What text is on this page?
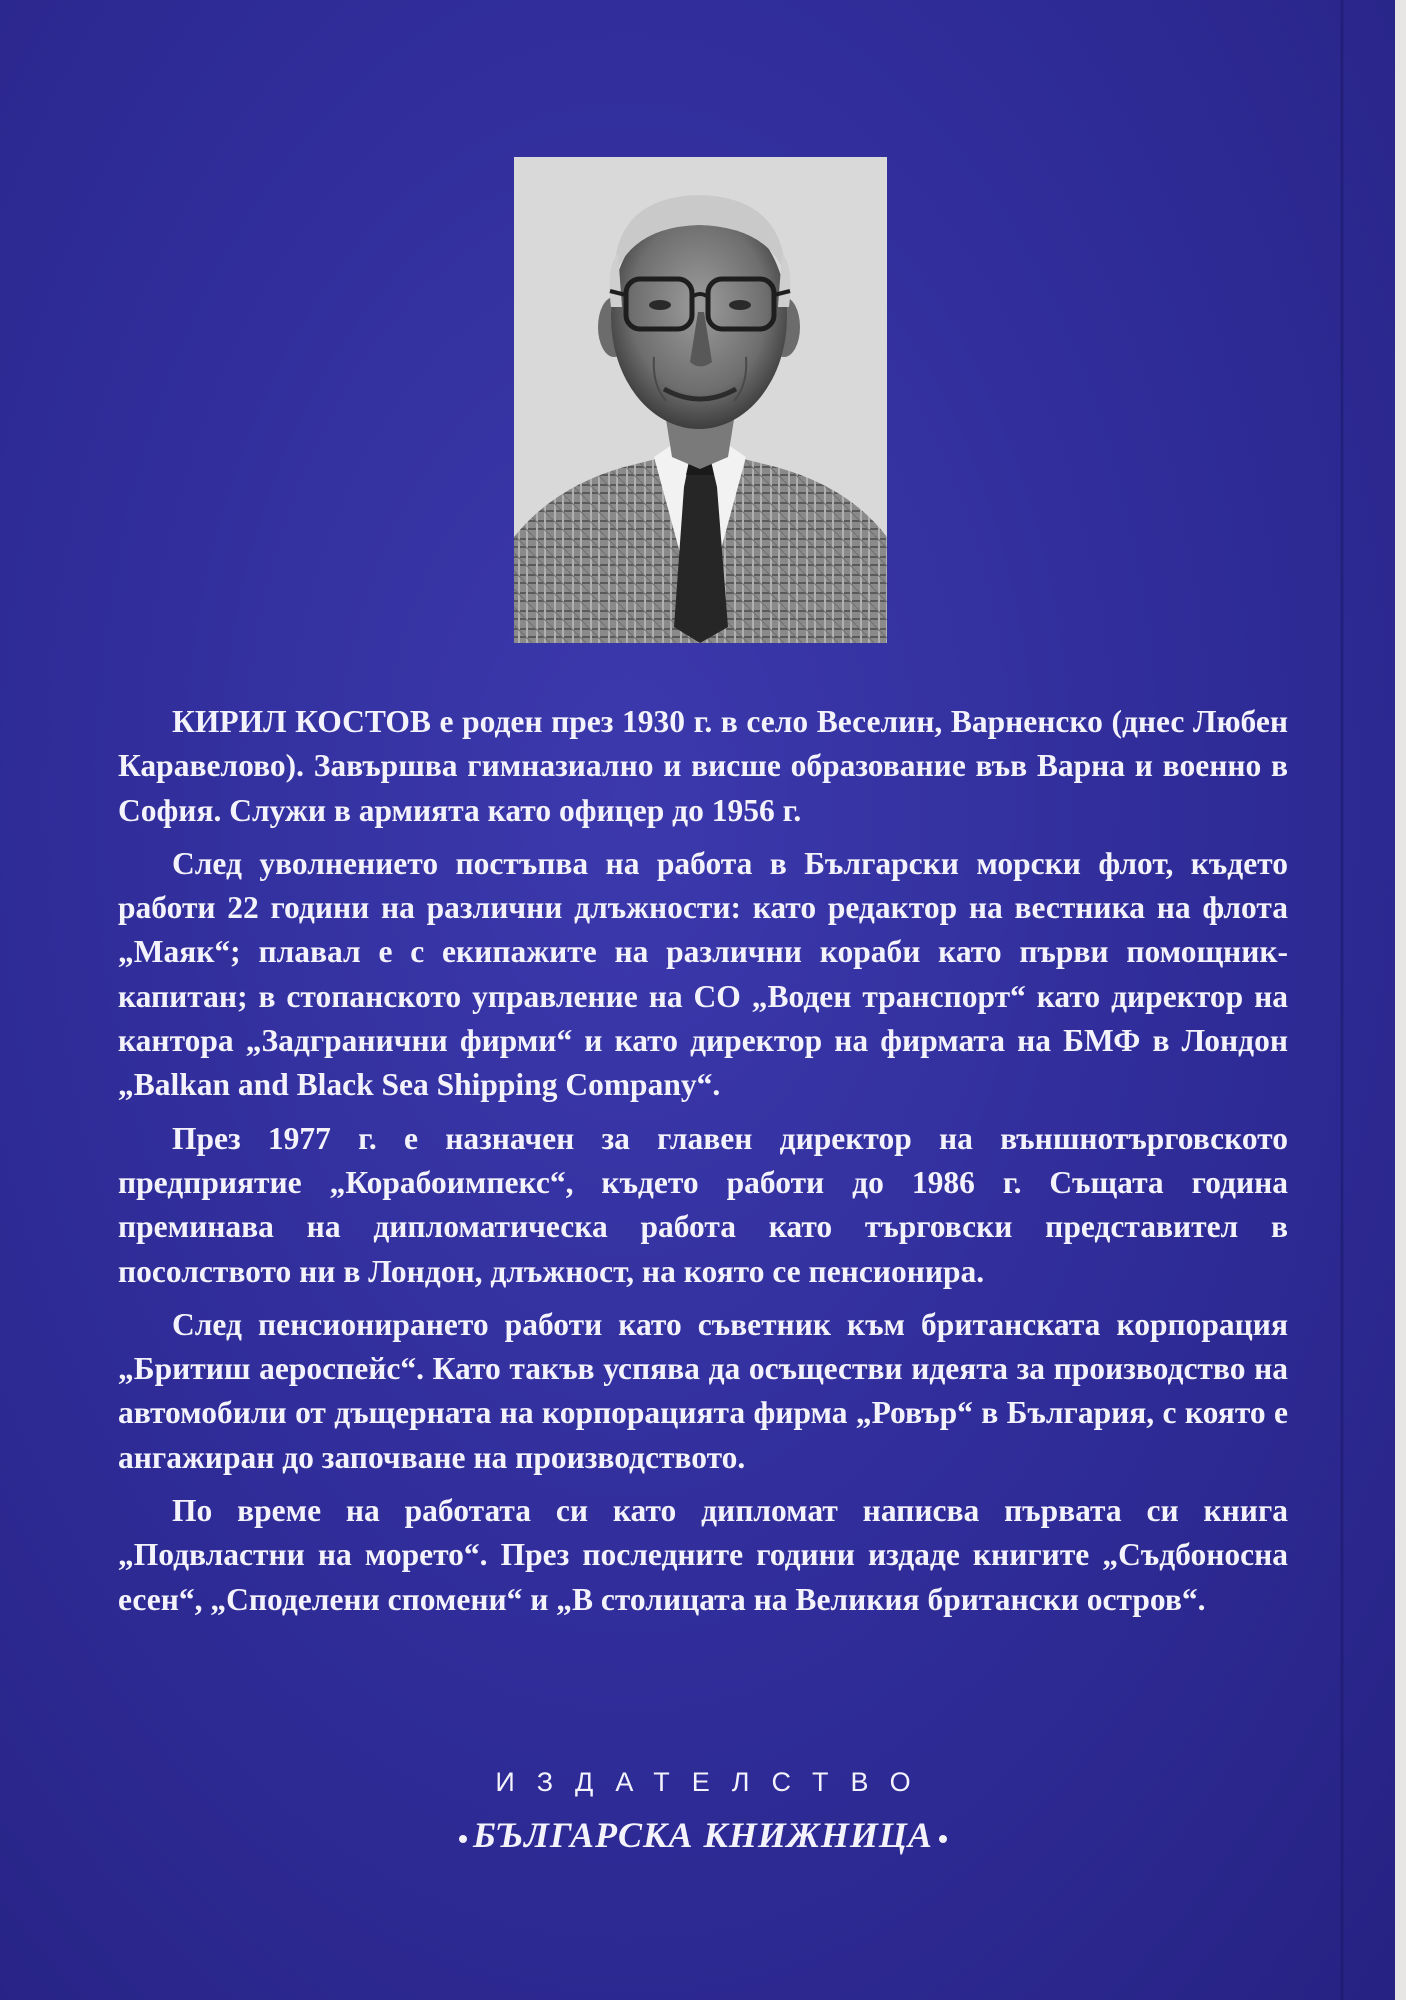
КИРИЛ КОСТОВ е роден през 1930 г. в село Веселин, Варненско (днес Любен Каравелово). Завършва гимназиално и висше образование във Варна и военно в София. Служи в армията като офицер до 1956 г.

След уволнението постъпва на работа в Български морски флот, където работи 22 години на различни длъжности: като редактор на вестника на флота „Маяк“; плавал е с екипажите на различни кораби като първи помощник-капитан; в стопанското управление на СО „Воден транспорт“ като директор на кантора „Задгранични фирми“ и като директор на фирмата на БМФ в Лондон „Balkan and Black Sea Shipping Company“.

През 1977 г. е назначен за главен директор на външнотърговското предприятие „Корабоимпекс“, където работи до 1986 г. Същата година преминава на дипломатическа работа като търговски представител в посолството ни в Лондон, длъжност, на която се пенсионира.

След пенсионирането работи като съветник към британската корпорация „Бритиш аероспейс“. Като такъв успява да осъществи идеята за производство на автомобили от дъщерната на корпорацията фирма „Ровър“ в България, с която е ангажиран до започване на производството.

По време на работата си като дипломат написва първата си книга „Подвластни на морето“. През последните години издаде книгите „Съдбоносна есен“, „Споделени спомени“ и „В столицата на Великия британски остров“.

ИЗДАТЕЛСТВО
БЪЛГАРСКА КНИЖНИЦА
